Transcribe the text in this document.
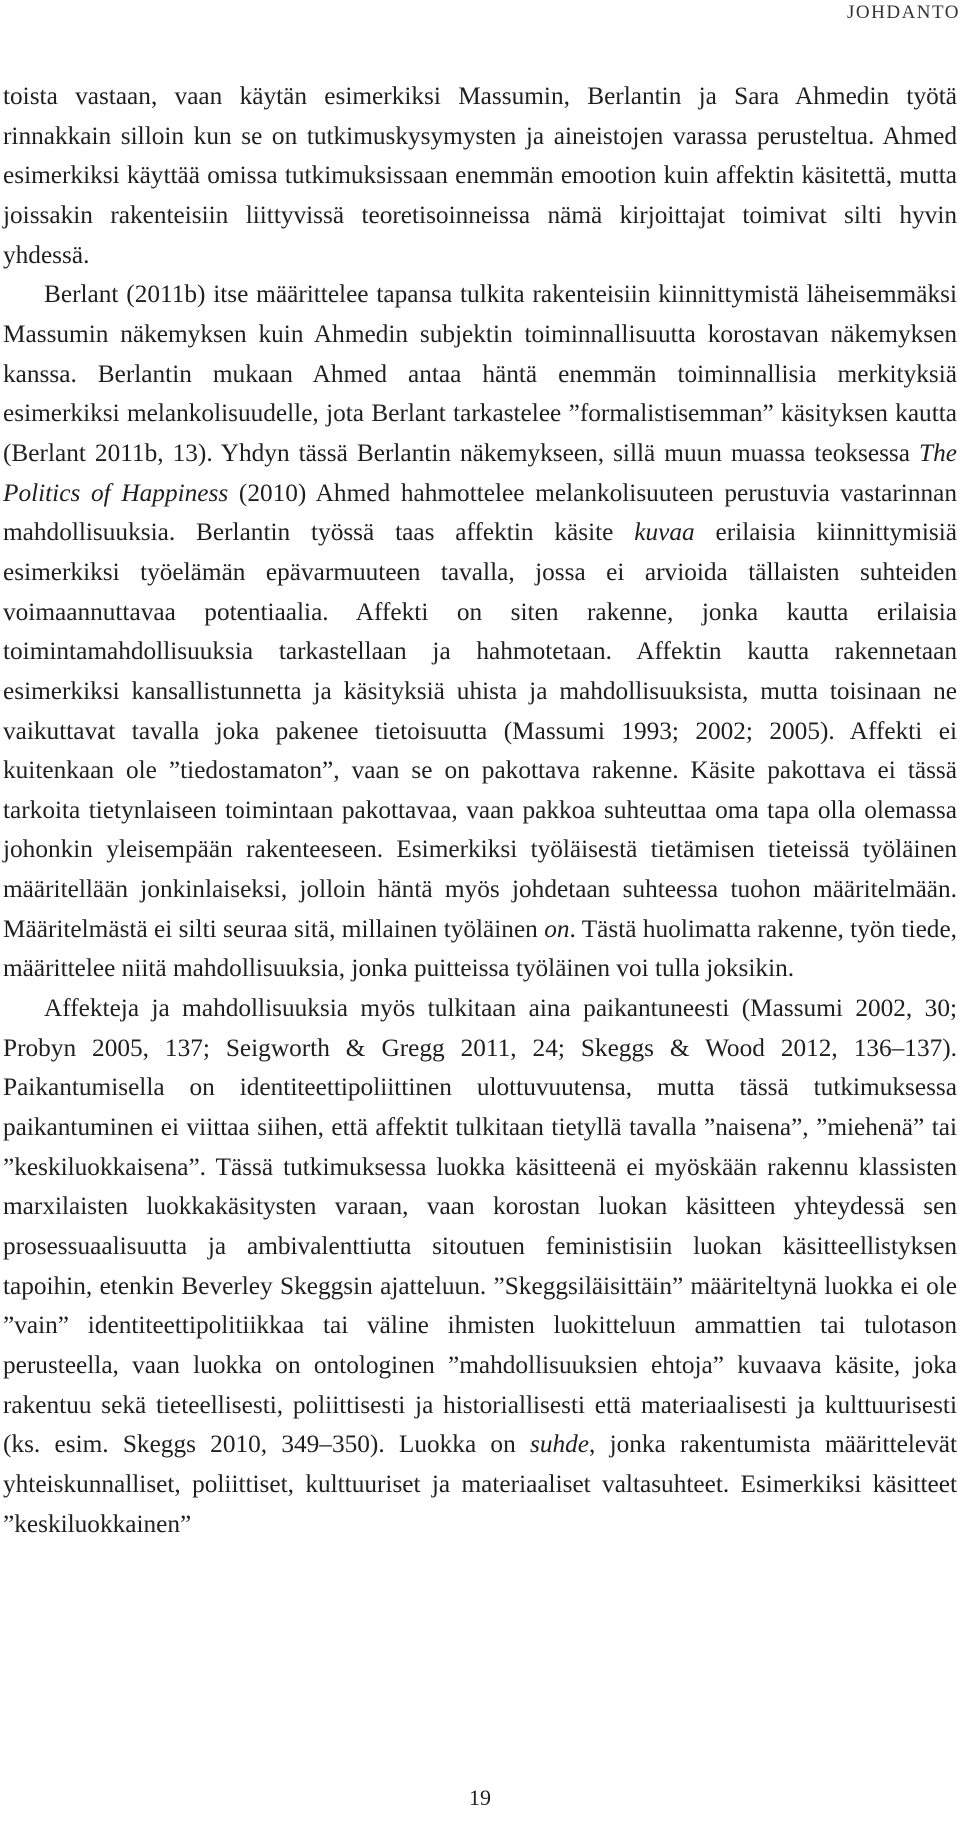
JOHDANTO

toista vastaan, vaan käytän esimerkiksi Massumin, Berlantin ja Sara Ahmedin työtä rinnakkain silloin kun se on tutkimuskysymysten ja aineistojen varassa perusteltua. Ahmed esimerkiksi käyttää omissa tutkimuksissaan enemmän emootion kuin affektin käsitettä, mutta joissakin rakenteisiin liittyvissä teoretisoinneissa nämä kirjoittajat toimivat silti hyvin yhdessä.

Berlant (2011b) itse määrittelee tapansa tulkita rakenteisiin kiinnittymistä läheisemmäksi Massumin näkemyksen kuin Ahmedin subjektin toiminnallisuutta korostavan näkemyksen kanssa. Berlantin mukaan Ahmed antaa häntä enemmän toiminnallisia merkityksiä esimerkiksi melankolisuudelle, jota Berlant tarkastelee ”formalistisemman” käsityksen kautta (Berlant 2011b, 13). Yhdyn tässä Berlantin näkemykseen, sillä muun muassa teoksessa The Politics of Happiness (2010) Ahmed hahmottelee melankolisuuteen perustuvia vastarinnan mahdollisuuksia. Berlantin työssä taas affektin käsite kuvaa erilaisia kiinnittymisiä esimerkiksi työelämän epävarmuuteen tavalla, jossa ei arvioida tällaisten suhteiden voimaannuttavaa potentiaalia. Affekti on siten rakenne, jonka kautta erilaisia toimintamahdollisuuksia tarkastellaan ja hahmotetaan. Affektin kautta rakennetaan esimerkiksi kansallistunnetta ja käsityksiä uhista ja mahdollisuuksista, mutta toisinaan ne vaikuttavat tavalla joka pakenee tietoisuutta (Massumi 1993; 2002; 2005). Affekti ei kuitenkaan ole ”tiedostamaton”, vaan se on pakottava rakenne. Käsite pakottava ei tässä tarkoita tietynlaiseen toimintaan pakottavaa, vaan pakkoa suhteuttaa oma tapa olla olemassa johonkin yleisempään rakenteeseen. Esimerkiksi työläisestä tietämisen tieteissä työläinen määritellään jonkinlaiseksi, jolloin häntä myös johdetaan suhteessa tuohon määritelmään. Määritelmästä ei silti seuraa sitä, millainen työläinen on. Tästä huolimatta rakenne, työn tiede, määrittelee niitä mahdollisuuksia, jonka puitteissa työläinen voi tulla joksikin.

Affekteja ja mahdollisuuksia myös tulkitaan aina paikantuneesti (Massumi 2002, 30; Probyn 2005, 137; Seigworth & Gregg 2011, 24; Skeggs & Wood 2012, 136–137). Paikantumisella on identiteettipoliittinen ulottuvuutensa, mutta tässä tutkimuksessa paikantuminen ei viittaa siihen, että affektit tulkitaan tietyllä tavalla ”naisena”, ”miehenä” tai ”keskiluokkaisena”. Tässä tutkimuksessa luokka käsitteenä ei myöskään rakennu klassisten marxilaisten luokkakäsitysten varaan, vaan korostan luokan käsitteen yhteydessä sen prosessuaalisuutta ja ambivalenttiutta sitoutuen feministisiin luokan käsitteellistyksen tapoihin, etenkin Beverley Skeggsin ajatteluun. ”Skeggsiläisittäin” määriteltynä luokka ei ole ”vain” identiteettipolitiikkaa tai väline ihmisten luokitteluun ammattien tai tulotason perusteella, vaan luokka on ontologinen ”mahdollisuuksien ehtoja” kuvaava käsite, joka rakentuu sekä tieteellisesti, poliittisesti ja historiallisesti että materiaalisesti ja kulttuurisesti (ks. esim. Skeggs 2010, 349–350). Luokka on suhde, jonka rakentumista määrittelevät yhteiskunnalliset, poliittiset, kulttuuriset ja materiaaliset valtasuhteet. Esimerkiksi käsitteet ”keskiluokkainen”

19
